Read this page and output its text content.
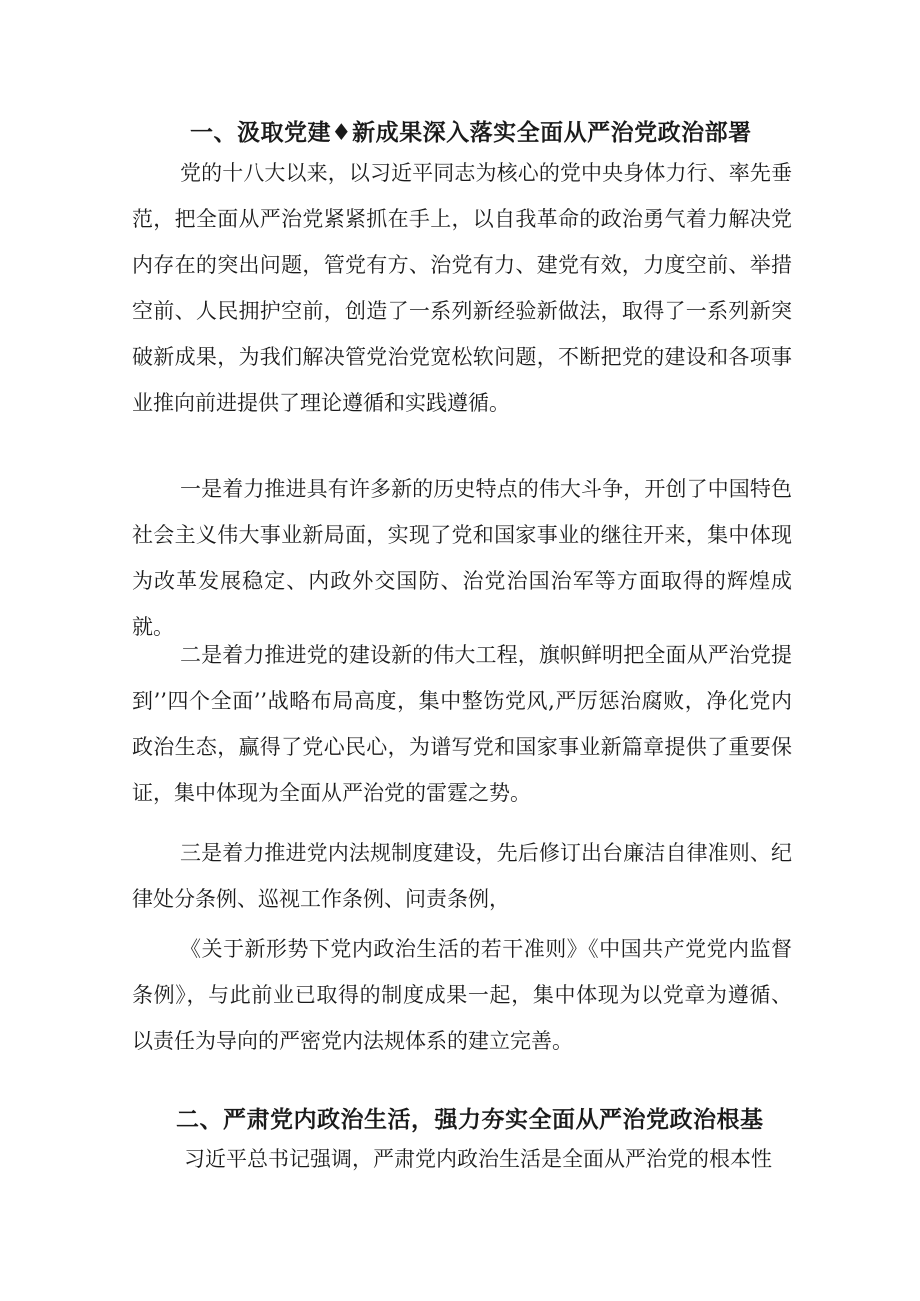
一、汲取党建♦新成果深入落实全面从严治党政治部署

党的十八大以来，以习近平同志为核心的党中央身体力行、率先垂范，把全面从严治党紧紧抓在手上，以自我革命的政治勇气着力解决党内存在的突出问题，管党有方、治党有力、建党有效，力度空前、举措空前、人民拥护空前，创造了一系列新经验新做法，取得了一系列新突破新成果，为我们解决管党治党宽松软问题，不断把党的建设和各项事业推向前进提供了理论遵循和实践遵循。

一是着力推进具有许多新的历史特点的伟大斗争，开创了中国特色社会主义伟大事业新局面，实现了党和国家事业的继往开来，集中体现为改革发展稳定、内政外交国防、治党治国治军等方面取得的辉煌成就。

二是着力推进党的建设新的伟大工程，旗帜鲜明把全面从严治党提到’’四个全面’’战略布局高度，集中整饬党风,严厉惩治腐败，净化党内政治生态，赢得了党心民心，为谱写党和国家事业新篇章提供了重要保证，集中体现为全面从严治党的雷霆之势。

三是着力推进党内法规制度建设，先后修订出台廉洁自律准则、纪律处分条例、巡视工作条例、问责条例，

《关于新形势下党内政治生活的若干准则》《中国共产党党内监督条例》，与此前业已取得的制度成果一起，集中体现为以党章为遵循、以责任为导向的严密党内法规体系的建立完善。

二、严肃党内政治生活，强力夯实全面从严治党政治根基

习近平总书记强调，严肃党内政治生活是全面从严治党的根本性
